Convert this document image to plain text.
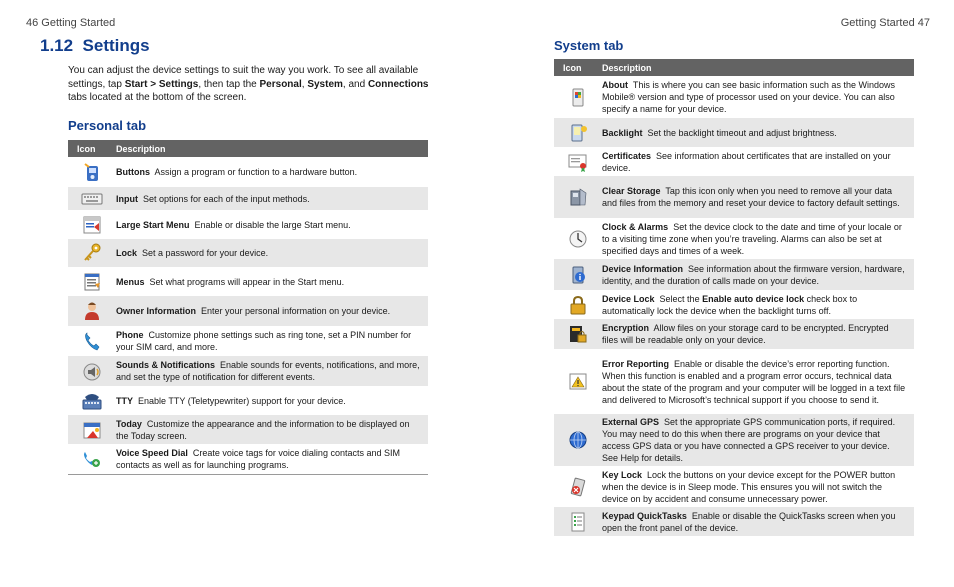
46 Getting Started	Getting Started 47
1.12 Settings

You can adjust the device settings to suit the way you work. To see all available settings, tap Start > Settings, then tap the Personal, System, and Connections tabs located at the bottom of the screen.

Personal tab
Icon	Description
Buttons Assign a program or function to a hardware button.
Input Set options for each of the input methods.
Large Start Menu Enable or disable the large Start menu.
Lock Set a password for your device.
Menus Set what programs will appear in the Start menu.
Owner Information Enter your personal information on your device.
Phone Customize phone settings such as ring tone, set a PIN number for your SIM card, and more.
Sounds & Notifications Enable sounds for events, notifications, and more, and set the type of notification for different events.
TTY Enable TTY (Teletypewriter) support for your device.
Today Customize the appearance and the information to be displayed on the Today screen.
Voice Speed Dial Create voice tags for voice dialing contacts and SIM contacts as well as for launching programs.
System tab
Icon	Description
About This is where you can see basic information such as the Windows Mobile® version and type of processor used on your device. You can also specify a name for your device.
Backlight Set the backlight timeout and adjust brightness.
Certificates See information about certificates that are installed on your device.
Clear Storage Tap this icon only when you need to remove all your data and files from the memory and reset your device to factory default settings.
Clock & Alarms Set the device clock to the date and time of your locale or to a visiting time zone when you’re traveling. Alarms can also be set at specified days and times of a week.
Device Information See information about the firmware version, hardware, identity, and the duration of calls made on your device.
Device Lock Select the Enable auto device lock check box to automatically lock the device when the backlight turns off.
Encryption Allow files on your storage card to be encrypted. Encrypted files will be readable only on your device.
Error Reporting Enable or disable the device’s error reporting function. When this function is enabled and a program error occurs, technical data about the state of the program and your computer will be logged in a text file and delivered to Microsoft’s technical support if you choose to send it.
External GPS Set the appropriate GPS communication ports, if required. You may need to do this when there are programs on your device that access GPS data or you have connected a GPS receiver to your device. See Help for details.
Key Lock Lock the buttons on your device except for the POWER button when the device is in Sleep mode. This ensures you will not switch the device on by accident and consume unnecessary power.
Keypad QuickTasks Enable or disable the QuickTasks screen when you open the front panel of the device.
